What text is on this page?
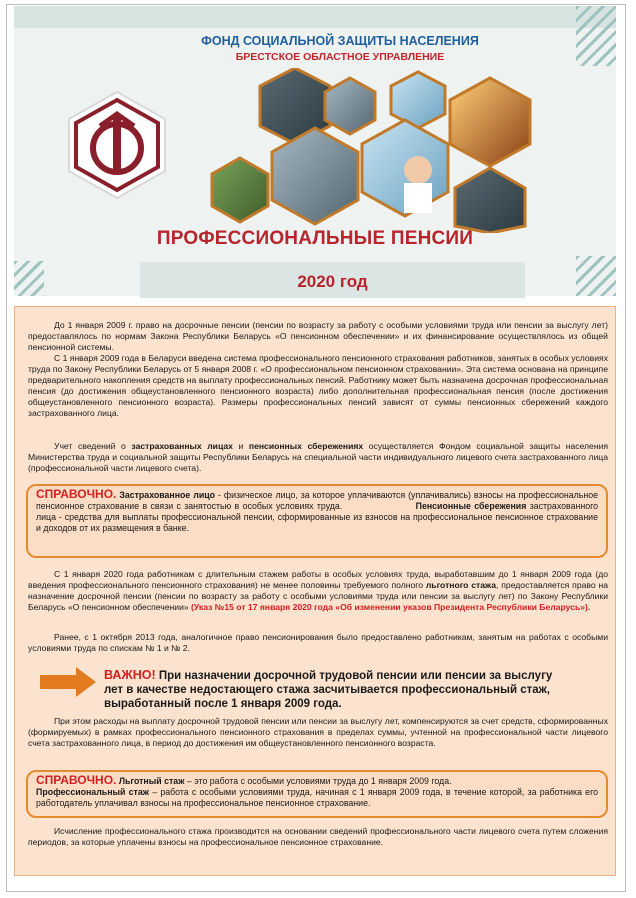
ФОНД СОЦИАЛЬНОЙ ЗАЩИТЫ НАСЕЛЕНИЯ
БРЕСТСКОЕ ОБЛАСТНОЕ УПРАВЛЕНИЕ
ПРОФЕССИОНАЛЬНЫЕ ПЕНСИИ
2020 год
До 1 января 2009 г. право на досрочные пенсии (пенсии по возрасту за работу с особыми условиями труда или пенсии за выслугу лет) предоставлялось по нормам Закона Республики Беларусь «О пенсионном обеспечении» и их финансирование осуществлялось из общей пенсионной системы.
С 1 января 2009 года в Беларуси введена система профессионального пенсионного страхования работников, занятых в особых условиях труда по Закону Республики Беларусь от 5 января 2008 г. «О профессиональном пенсионном страховании». Эта система основана на принципе предварительного накопления средств на выплату профессиональных пенсий. Работнику может быть назначена досрочная профессиональная пенсия (до достижения общеустановленного пенсионного возраста) либо дополнительная профессиональная пенсия (после достижения общеустановленного пенсионного возраста). Размеры профессиональных пенсий зависят от суммы пенсионных сбережений каждого застрахованного лица.
Учет сведений о застрахованных лицах и пенсионных сбережениях осуществляется Фондом социальной защиты населения Министерства труда и социальной защиты Республики Беларусь на специальной части индивидуального лицевого счета застрахованного лица (профессиональной части лицевого счета).
СПРАВОЧНО. Застрахованное лицо - физическое лицо, за которое уплачиваются (уплачивались) взносы на профессиональное пенсионное страхование в связи с занятостью в особых условиях труда.	Пенсионные сбережения застрахованного лица - средства для выплаты профессиональной пенсии, сформированные из взносов на профессиональное пенсионное страхование и доходов от их размещения в банке.
С 1 января 2020 года работникам с длительным стажем работы в особых условиях труда, выработавшим до 1 января 2009 года (до введения профессионального пенсионного страхования) не менее половины требуемого полного льготного стажа, предоставляется право на назначение досрочной пенсии (пенсии по возрасту за работу с особыми условиями труда или пенсии за выслугу лет) по Закону Республики Беларусь «О пенсионном обеспечении» (Указ №15 от 17 января 2020 года «Об изменении указов Президента Республики Беларусь»).
Ранее, с 1 октября 2013 года, аналогичное право пенсионирования было предоставлено работникам, занятым на работах с особыми условиями труда по спискам № 1 и № 2.
ВАЖНО! При назначении досрочной трудовой пенсии или пенсии за выслугу
лет в качестве недостающего стажа засчитывается профессиональный стаж,
выработанный после 1 января 2009 года.
При этом расходы на выплату досрочной трудовой пенсии или пенсии за выслугу лет, компенсируются за счет средств, сформированных (формируемых) в рамках профессионального пенсионного страхования в пределах суммы, учтенной на профессиональной части лицевого счета застрахованного лица, в период до достижения им общеустановленного пенсионного возраста.
СПРАВОЧНО. Льготный стаж – это работа с особыми условиями труда до 1 января 2009 года.
Профессиональный стаж – работа с особыми условиями труда, начиная с 1 января 2009 года, в течение которой, за работника его работодатель уплачивал взносы на профессиональное пенсионное страхование.
Исчисление профессионального стажа производится на основании сведений профессионального части лицевого счета путем сложения периодов, за которые уплачены взносы на профессиональное пенсионное страхование.
